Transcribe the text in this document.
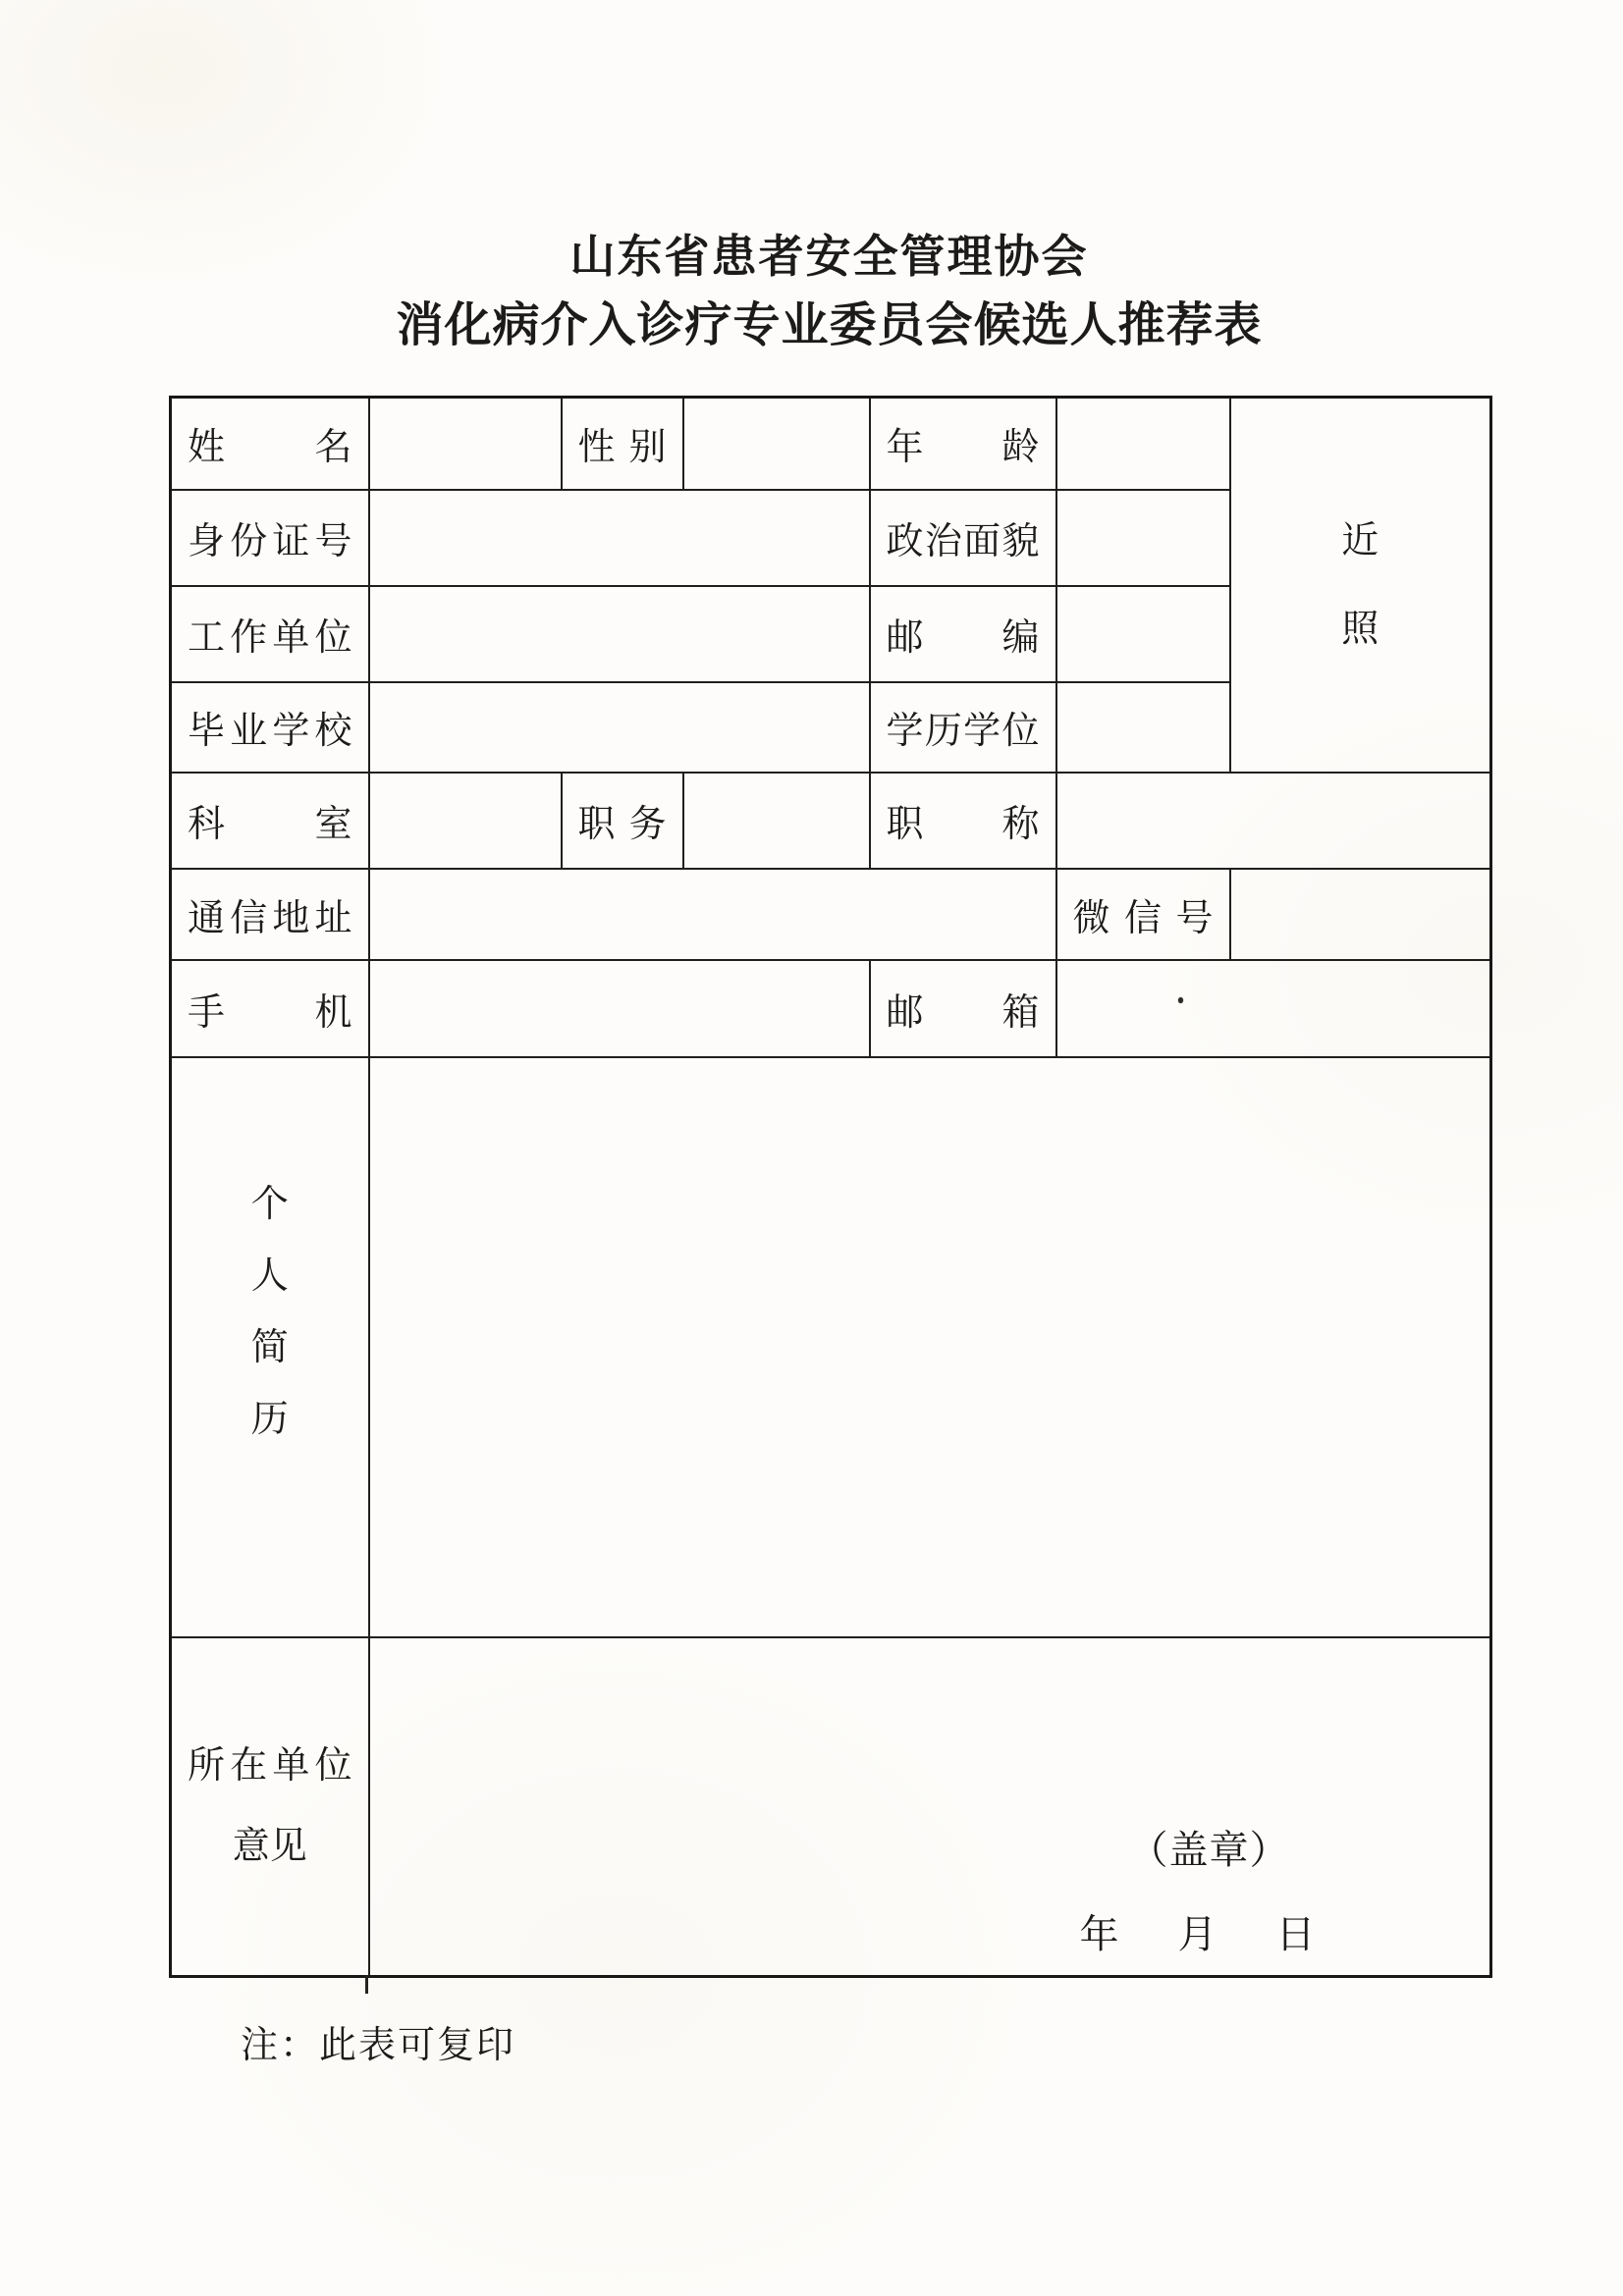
山东省患者安全管理协会
消化病介入诊疗专业委员会候选人推荐表
姓名		性别		年龄		近
照

身份证号				政治面貌		
工作单位				邮编		
毕业学校				学历学位		
科室		职务		职称		
通信地址					微信号	
手机				邮箱		

个
人
简
历						

所在单位
意见	（盖章）
年 月 日
注：此表可复印
